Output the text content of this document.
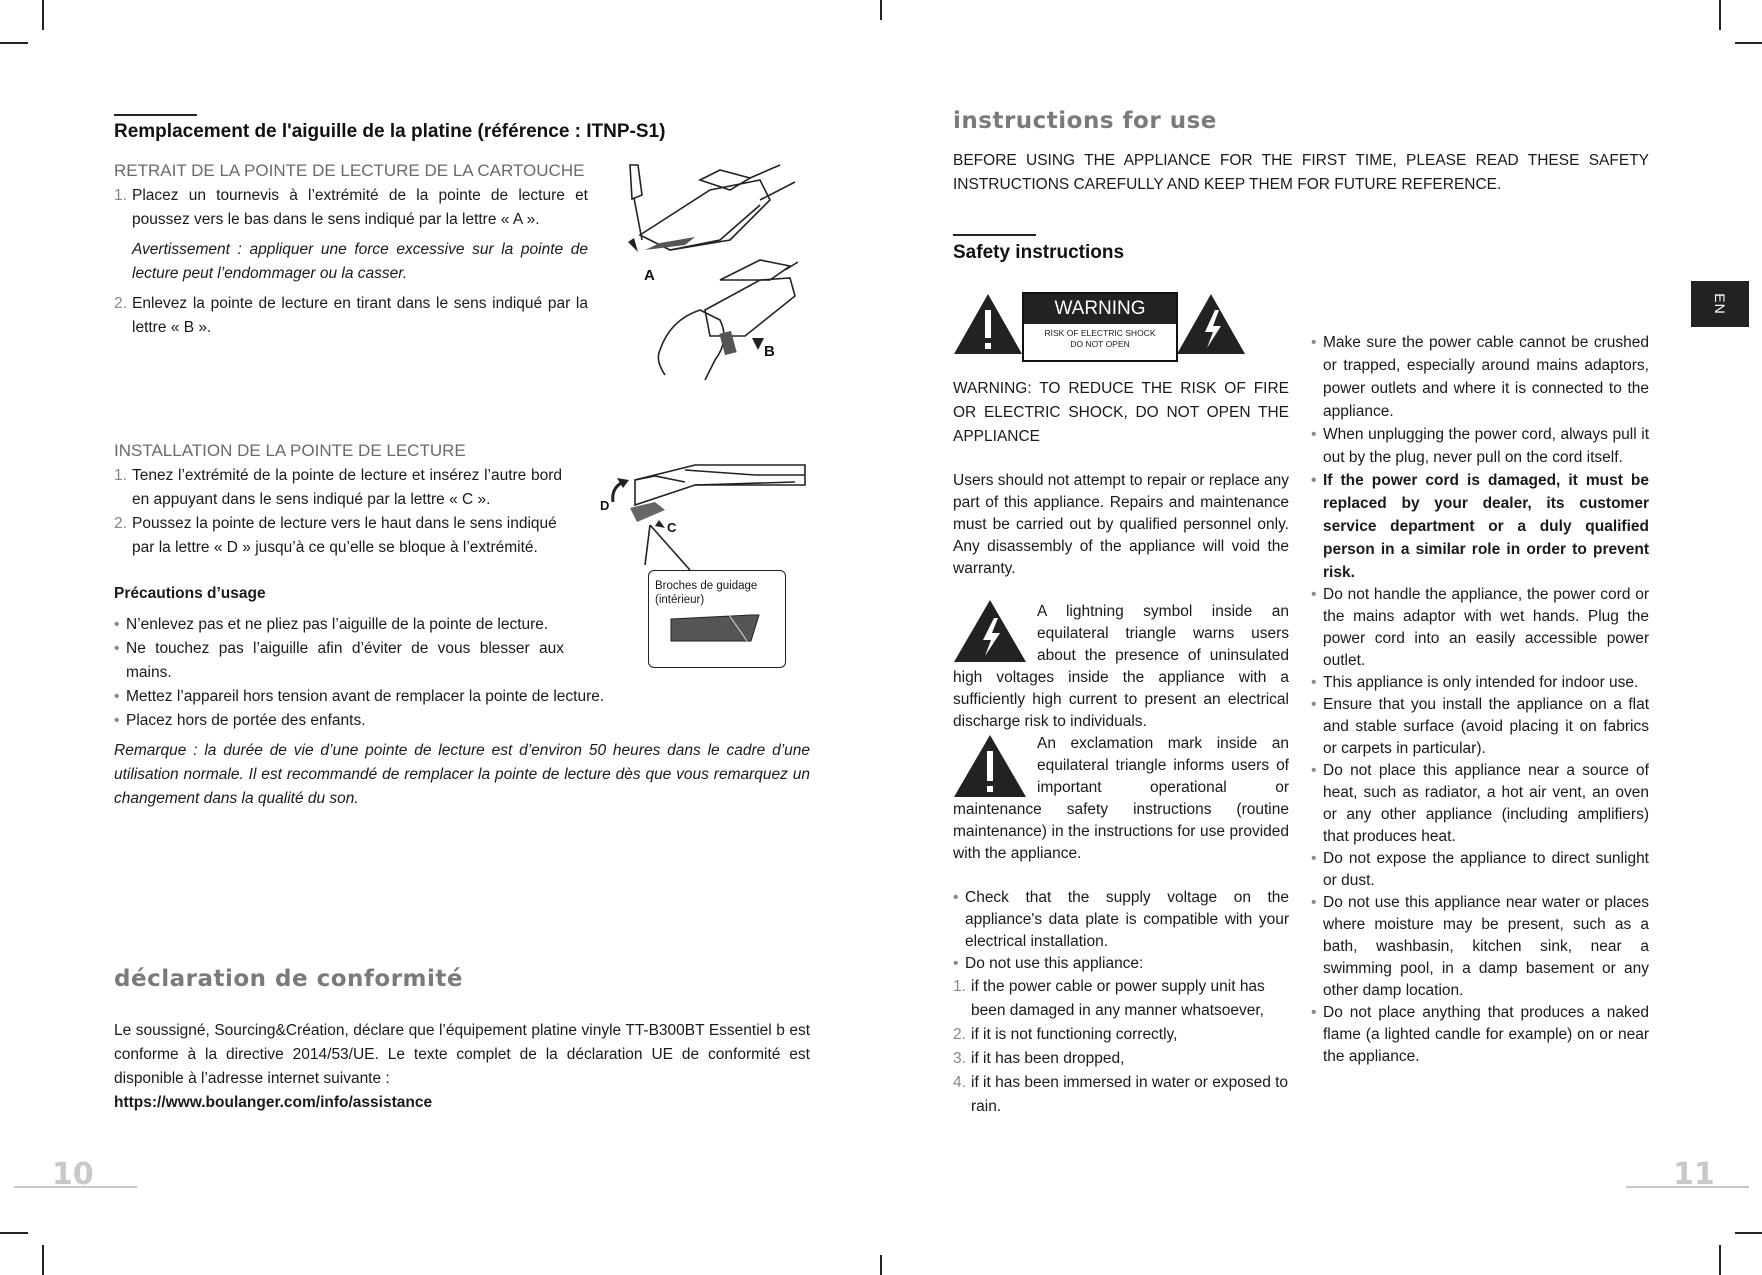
Remplacement de l'aiguille de la platine (référence : ITNP-S1)
RETRAIT DE LA POINTE DE LECTURE DE LA CARTOUCHE
1. Placez un tournevis à l’extrémité de la pointe de lecture et poussez vers le bas dans le sens indiqué par la lettre « A ».
Avertissement : appliquer une force excessive sur la pointe de lecture peut l’endommager ou la casser.
2. Enlevez la pointe de lecture en tirant dans le sens indiqué par la lettre « B ».
A
B
INSTALLATION DE LA POINTE DE LECTURE
1. Tenez l’extrémité de la pointe de lecture et insérez l’autre bord en appuyant dans le sens indiqué par la lettre « C ».
2. Poussez la pointe de lecture vers le haut dans le sens indiqué par la lettre « D » jusqu’à ce qu’elle se bloque à l’extrémité.
D
C
Broches de guidage (intérieur)
Précautions d’usage
• N’enlevez pas et ne pliez pas l’aiguille de la pointe de lecture.
• Ne touchez pas l’aiguille afin d’éviter de vous blesser aux mains.
• Mettez l’appareil hors tension avant de remplacer la pointe de lecture.
• Placez hors de portée des enfants.
Remarque : la durée de vie d’une pointe de lecture est d’environ 50 heures dans le cadre d’une utilisation normale. Il est recommandé de remplacer la pointe de lecture dès que vous remarquez un changement dans la qualité du son.
déclaration de conformité
Le soussigné, Sourcing&Création, déclare que l’équipement platine vinyle TT-B300BT Essentiel b est conforme à la directive 2014/53/UE. Le texte complet de la déclaration UE de conformité est disponible à l’adresse internet suivante :
https://www.boulanger.com/info/assistance
10
instructions for use
BEFORE USING THE APPLIANCE FOR THE FIRST TIME, PLEASE READ THESE SAFETY INSTRUCTIONS CAREFULLY AND KEEP THEM FOR FUTURE REFERENCE.
Safety instructions
WARNING
RISK OF ELECTRIC SHOCK
DO NOT OPEN
WARNING: TO REDUCE THE RISK OF FIRE OR ELECTRIC SHOCK, DO NOT OPEN THE APPLIANCE
Users should not attempt to repair or replace any part of this appliance. Repairs and maintenance must be carried out by qualified personnel only. Any disassembly of the appliance will void the warranty.
A lightning symbol inside an equilateral triangle warns users about the presence of uninsulated high voltages inside the appliance with a sufficiently high current to present an electrical discharge risk to individuals.
An exclamation mark inside an equilateral triangle informs users of important operational or maintenance safety instructions (routine maintenance) in the instructions for use provided with the appliance.
• Check that the supply voltage on the appliance's data plate is compatible with your electrical installation.
• Do not use this appliance:
1. if the power cable or power supply unit has been damaged in any manner whatsoever,
2. if it is not functioning correctly,
3. if it has been dropped,
4. if it has been immersed in water or exposed to rain.
• Make sure the power cable cannot be crushed or trapped, especially around mains adaptors, power outlets and where it is connected to the appliance.
• When unplugging the power cord, always pull it out by the plug, never pull on the cord itself.
• If the power cord is damaged, it must be replaced by your dealer, its customer service department or a duly qualified person in a similar role in order to prevent risk.
• Do not handle the appliance, the power cord or the mains adaptor with wet hands. Plug the power cord into an easily accessible power outlet.
• This appliance is only intended for indoor use.
• Ensure that you install the appliance on a flat and stable surface (avoid placing it on fabrics or carpets in particular).
• Do not place this appliance near a source of heat, such as radiator, a hot air vent, an oven or any other appliance (including amplifiers) that produces heat.
• Do not expose the appliance to direct sunlight or dust.
• Do not use this appliance near water or places where moisture may be present, such as a bath, washbasin, kitchen sink, near a swimming pool, in a damp basement or any other damp location.
• Do not place anything that produces a naked flame (a lighted candle for example) on or near the appliance.
EN
11
